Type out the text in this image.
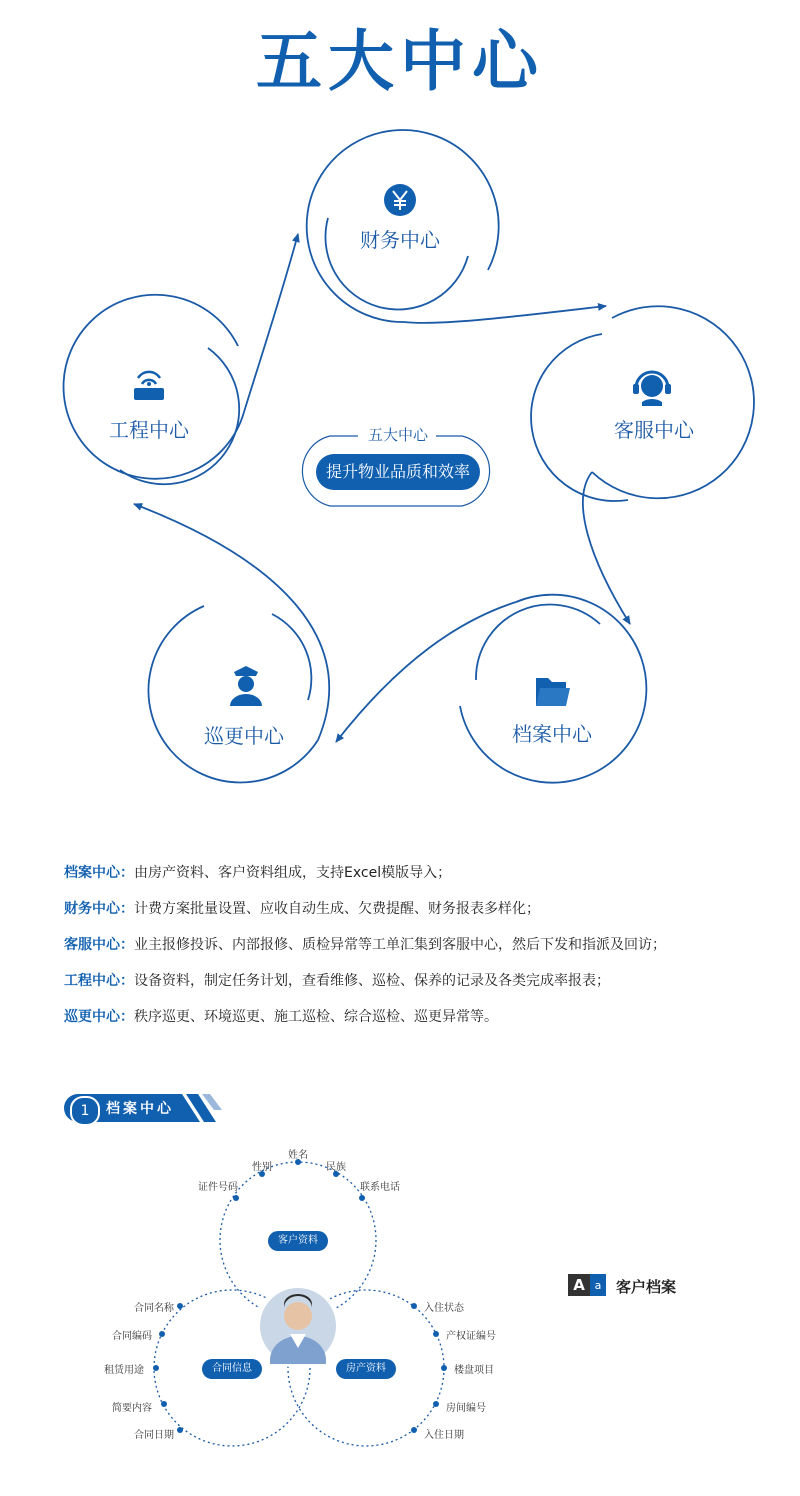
五大中心
财务中心
客服中心
档案中心
巡更中心
工程中心	五大中心
提升物业品质和效率
档案中心：由房产资料、客户资料组成，支持Excel模版导入；
财务中心：计费方案批量设置、应收自动生成、欠费提醒、财务报表多样化；
客服中心：业主报修投诉、内部报修、质检异常等工单汇集到客服中心，然后下发和指派及回访；
工程中心：设备资料，制定任务计划，查看维修、巡检、保养的记录及各类完成率报表；
巡更中心：秩序巡更、环境巡更、施工巡检、综合巡检、巡更异常等。
1	档案中心
客户资料
合同信息	房产资料
证件号码
性别
姓名
民族
联系电话
合同名称
合同编码
租赁用途
简要内容
合同日期
入住状态
产权证编号
楼盘项目
房间编号
入住日期
A a 客户档案
